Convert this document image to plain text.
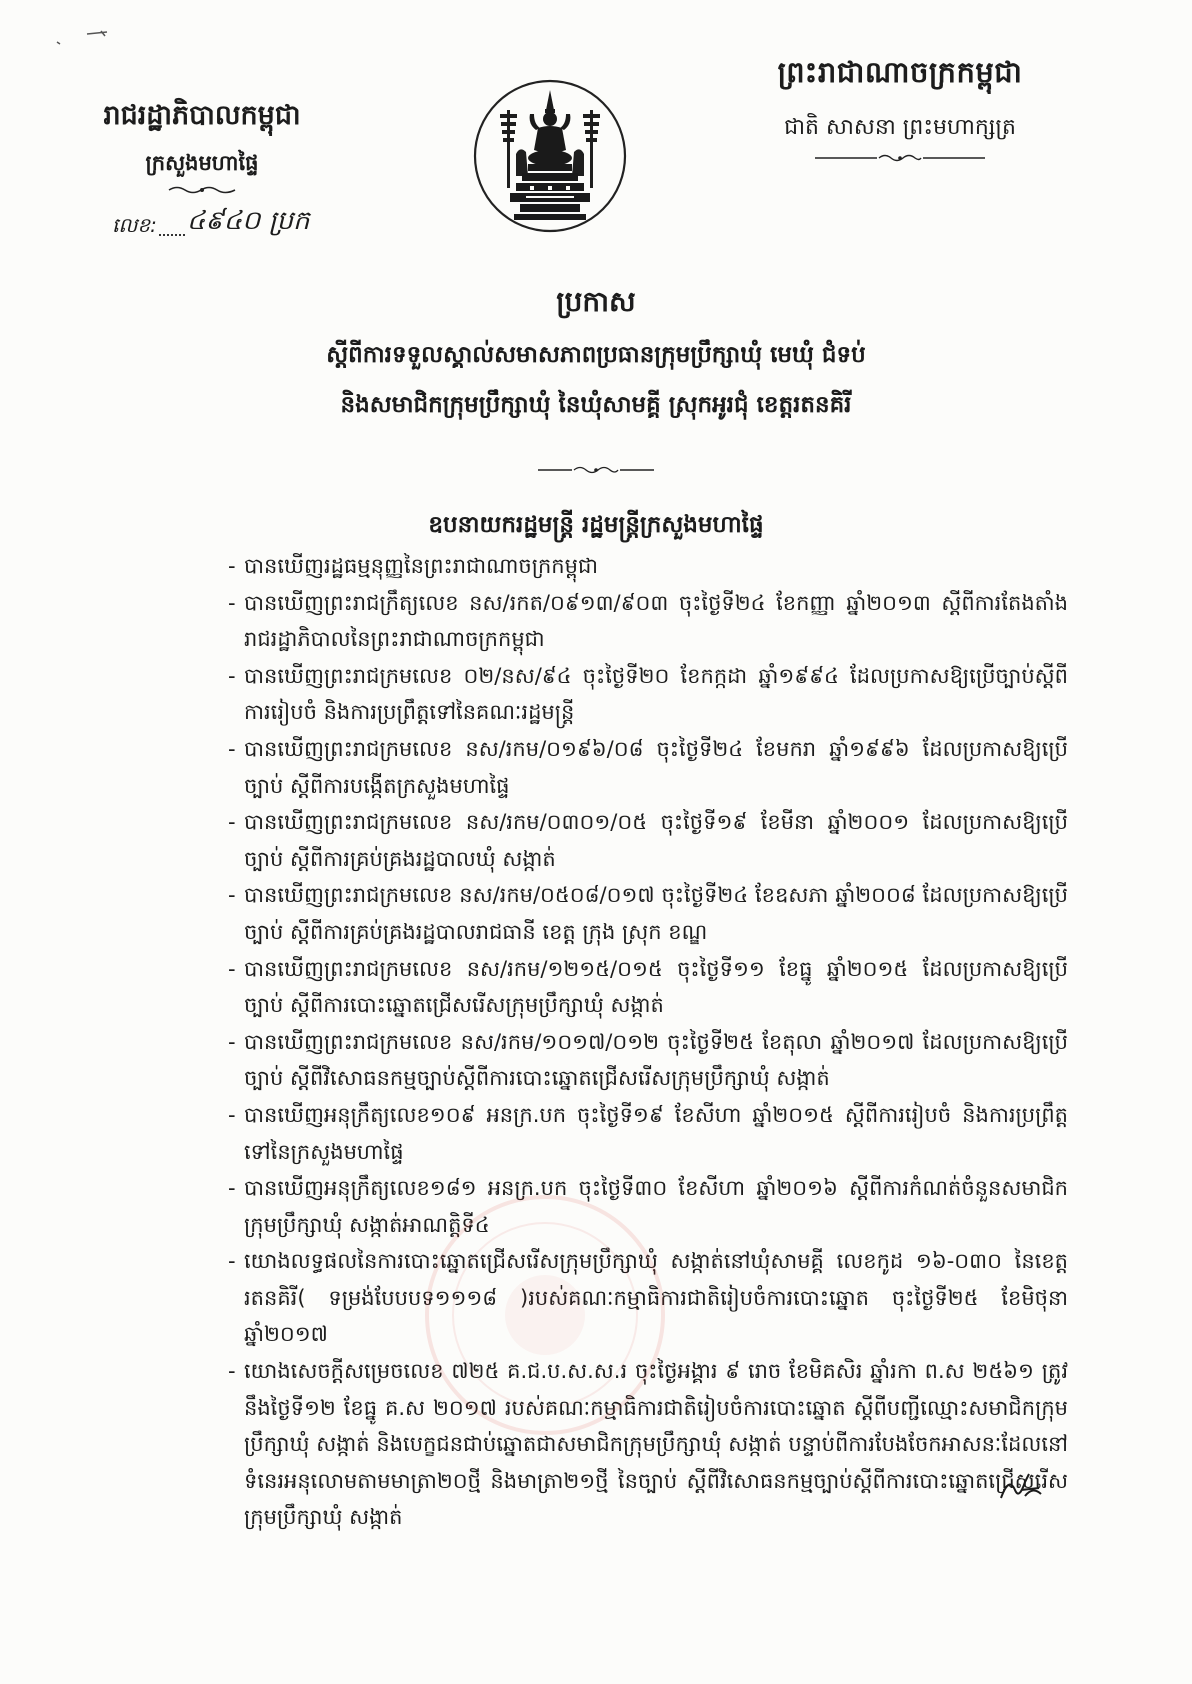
ព្រះរាជាណាចក្រកម្ពុជា
ជាតិ សាសនា ព្រះមហាក្សត្រ
រាជរដ្ឋាភិបាលកម្ពុជា
ក្រសួងមហាផ្ទៃ
លេខ: ៤៩៤០ ប្រក
ប្រកាស
ស្តីពីការទទួលស្គាល់សមាសភាពប្រធានក្រុមប្រឹក្សាឃុំ មេឃុំ ជំទប់
និងសមាជិកក្រុមប្រឹក្សាឃុំ នៃឃុំសាមគ្គី ស្រុកអូរជុំ ខេត្តរតនគិរី
ឧបនាយករដ្ឋមន្ត្រី រដ្ឋមន្ត្រីក្រសួងមហាផ្ទៃ
- បានឃើញរដ្ឋធម្មនុញ្ញនៃព្រះរាជាណាចក្រកម្ពុជា
- បានឃើញព្រះរាជក្រឹត្យលេខ នស/រកត/០៩១៣/៩០៣ ចុះថ្ងៃទី២៤ ខែកញ្ញា ឆ្នាំ២០១៣ ស្តីពីការតែងតាំងរាជរដ្ឋាភិបាលនៃព្រះរាជាណាចក្រកម្ពុជា
- បានឃើញព្រះរាជក្រមលេខ ០២/នស/៩៤ ចុះថ្ងៃទី២០ ខែកក្កដា ឆ្នាំ១៩៩៤ ដែលប្រកាសឱ្យប្រើច្បាប់ស្តីពីការរៀបចំ និងការប្រព្រឹត្តទៅនៃគណៈរដ្ឋមន្ត្រី
- បានឃើញព្រះរាជក្រមលេខ នស/រកម/០១៩៦/០៨ ចុះថ្ងៃទី២៤ ខែមករា ឆ្នាំ១៩៩៦ ដែលប្រកាសឱ្យប្រើច្បាប់ ស្តីពីការបង្កើតក្រសួងមហាផ្ទៃ
- បានឃើញព្រះរាជក្រមលេខ នស/រកម/០៣០១/០៥ ចុះថ្ងៃទី១៩ ខែមីនា ឆ្នាំ២០០១ ដែលប្រកាសឱ្យប្រើច្បាប់ ស្តីពីការគ្រប់គ្រងរដ្ឋបាលឃុំ សង្កាត់
- បានឃើញព្រះរាជក្រមលេខ នស/រកម/០៥០៨/០១៧ ចុះថ្ងៃទី២៤ ខែឧសភា ឆ្នាំ២០០៨ ដែលប្រកាសឱ្យប្រើច្បាប់ ស្តីពីការគ្រប់គ្រងរដ្ឋបាលរាជធានី ខេត្ត ក្រុង ស្រុក ខណ្ឌ
- បានឃើញព្រះរាជក្រមលេខ នស/រកម/១២១៥/០១៥ ចុះថ្ងៃទី១១ ខែធ្នូ ឆ្នាំ២០១៥ ដែលប្រកាសឱ្យប្រើច្បាប់ ស្តីពីការបោះឆ្នោតជ្រើសរើសក្រុមប្រឹក្សាឃុំ សង្កាត់
- បានឃើញព្រះរាជក្រមលេខ នស/រកម/១០១៧/០១២ ចុះថ្ងៃទី២៥ ខែតុលា ឆ្នាំ២០១៧ ដែលប្រកាសឱ្យប្រើច្បាប់ ស្តីពីវិសោធនកម្មច្បាប់ស្តីពីការបោះឆ្នោតជ្រើសរើសក្រុមប្រឹក្សាឃុំ សង្កាត់
- បានឃើញអនុក្រឹត្យលេខ១០៩ អនក្រ.បក ចុះថ្ងៃទី១៩ ខែសីហា ឆ្នាំ២០១៥ ស្តីពីការរៀបចំ និងការប្រព្រឹត្តទៅនៃក្រសួងមហាផ្ទៃ
- បានឃើញអនុក្រឹត្យលេខ១៨១ អនក្រ.បក ចុះថ្ងៃទី៣០ ខែសីហា ឆ្នាំ២០១៦ ស្តីពីការកំណត់ចំនួនសមាជិកក្រុមប្រឹក្សាឃុំ សង្កាត់អាណត្តិទី៤
- យោងលទ្ធផលនៃការបោះឆ្នោតជ្រើសរើសក្រុមប្រឹក្សាឃុំ សង្កាត់នៅឃុំសាមគ្គី លេខកូដ ១៦-០៣០ នៃខេត្តរតនគិរី( ទម្រង់បែបបទ១១១៨ )របស់គណៈកម្មាធិការជាតិរៀបចំការបោះឆ្នោត ចុះថ្ងៃទី២៥ ខែមិថុនា ឆ្នាំ២០១៧
- យោងសេចក្តីសម្រេចលេខ ៧២៥ គ.ជ.ប.ស.ស.រ ចុះថ្ងៃអង្គារ ៩ រោច ខែមិគសិរ ឆ្នាំរកា ព.ស ២៥៦១ ត្រូវនឹងថ្ងៃទី១២ ខែធ្នូ គ.ស ២០១៧ របស់គណៈកម្មាធិការជាតិរៀបចំការបោះឆ្នោត ស្តីពីបញ្ជីឈ្មោះសមាជិកក្រុមប្រឹក្សាឃុំ សង្កាត់ និងបេក្ខជនជាប់ឆ្នោតជាសមាជិកក្រុមប្រឹក្សាឃុំ សង្កាត់ បន្ទាប់ពីការបែងចែកអាសនៈដែលនៅទំនេរអនុលោមតាមមាត្រា២០ថ្មី និងមាត្រា២១ថ្មី នៃច្បាប់ ស្តីពីវិសោធនកម្មច្បាប់ស្តីពីការបោះឆ្នោតជ្រើសរើសក្រុមប្រឹក្សាឃុំ សង្កាត់
